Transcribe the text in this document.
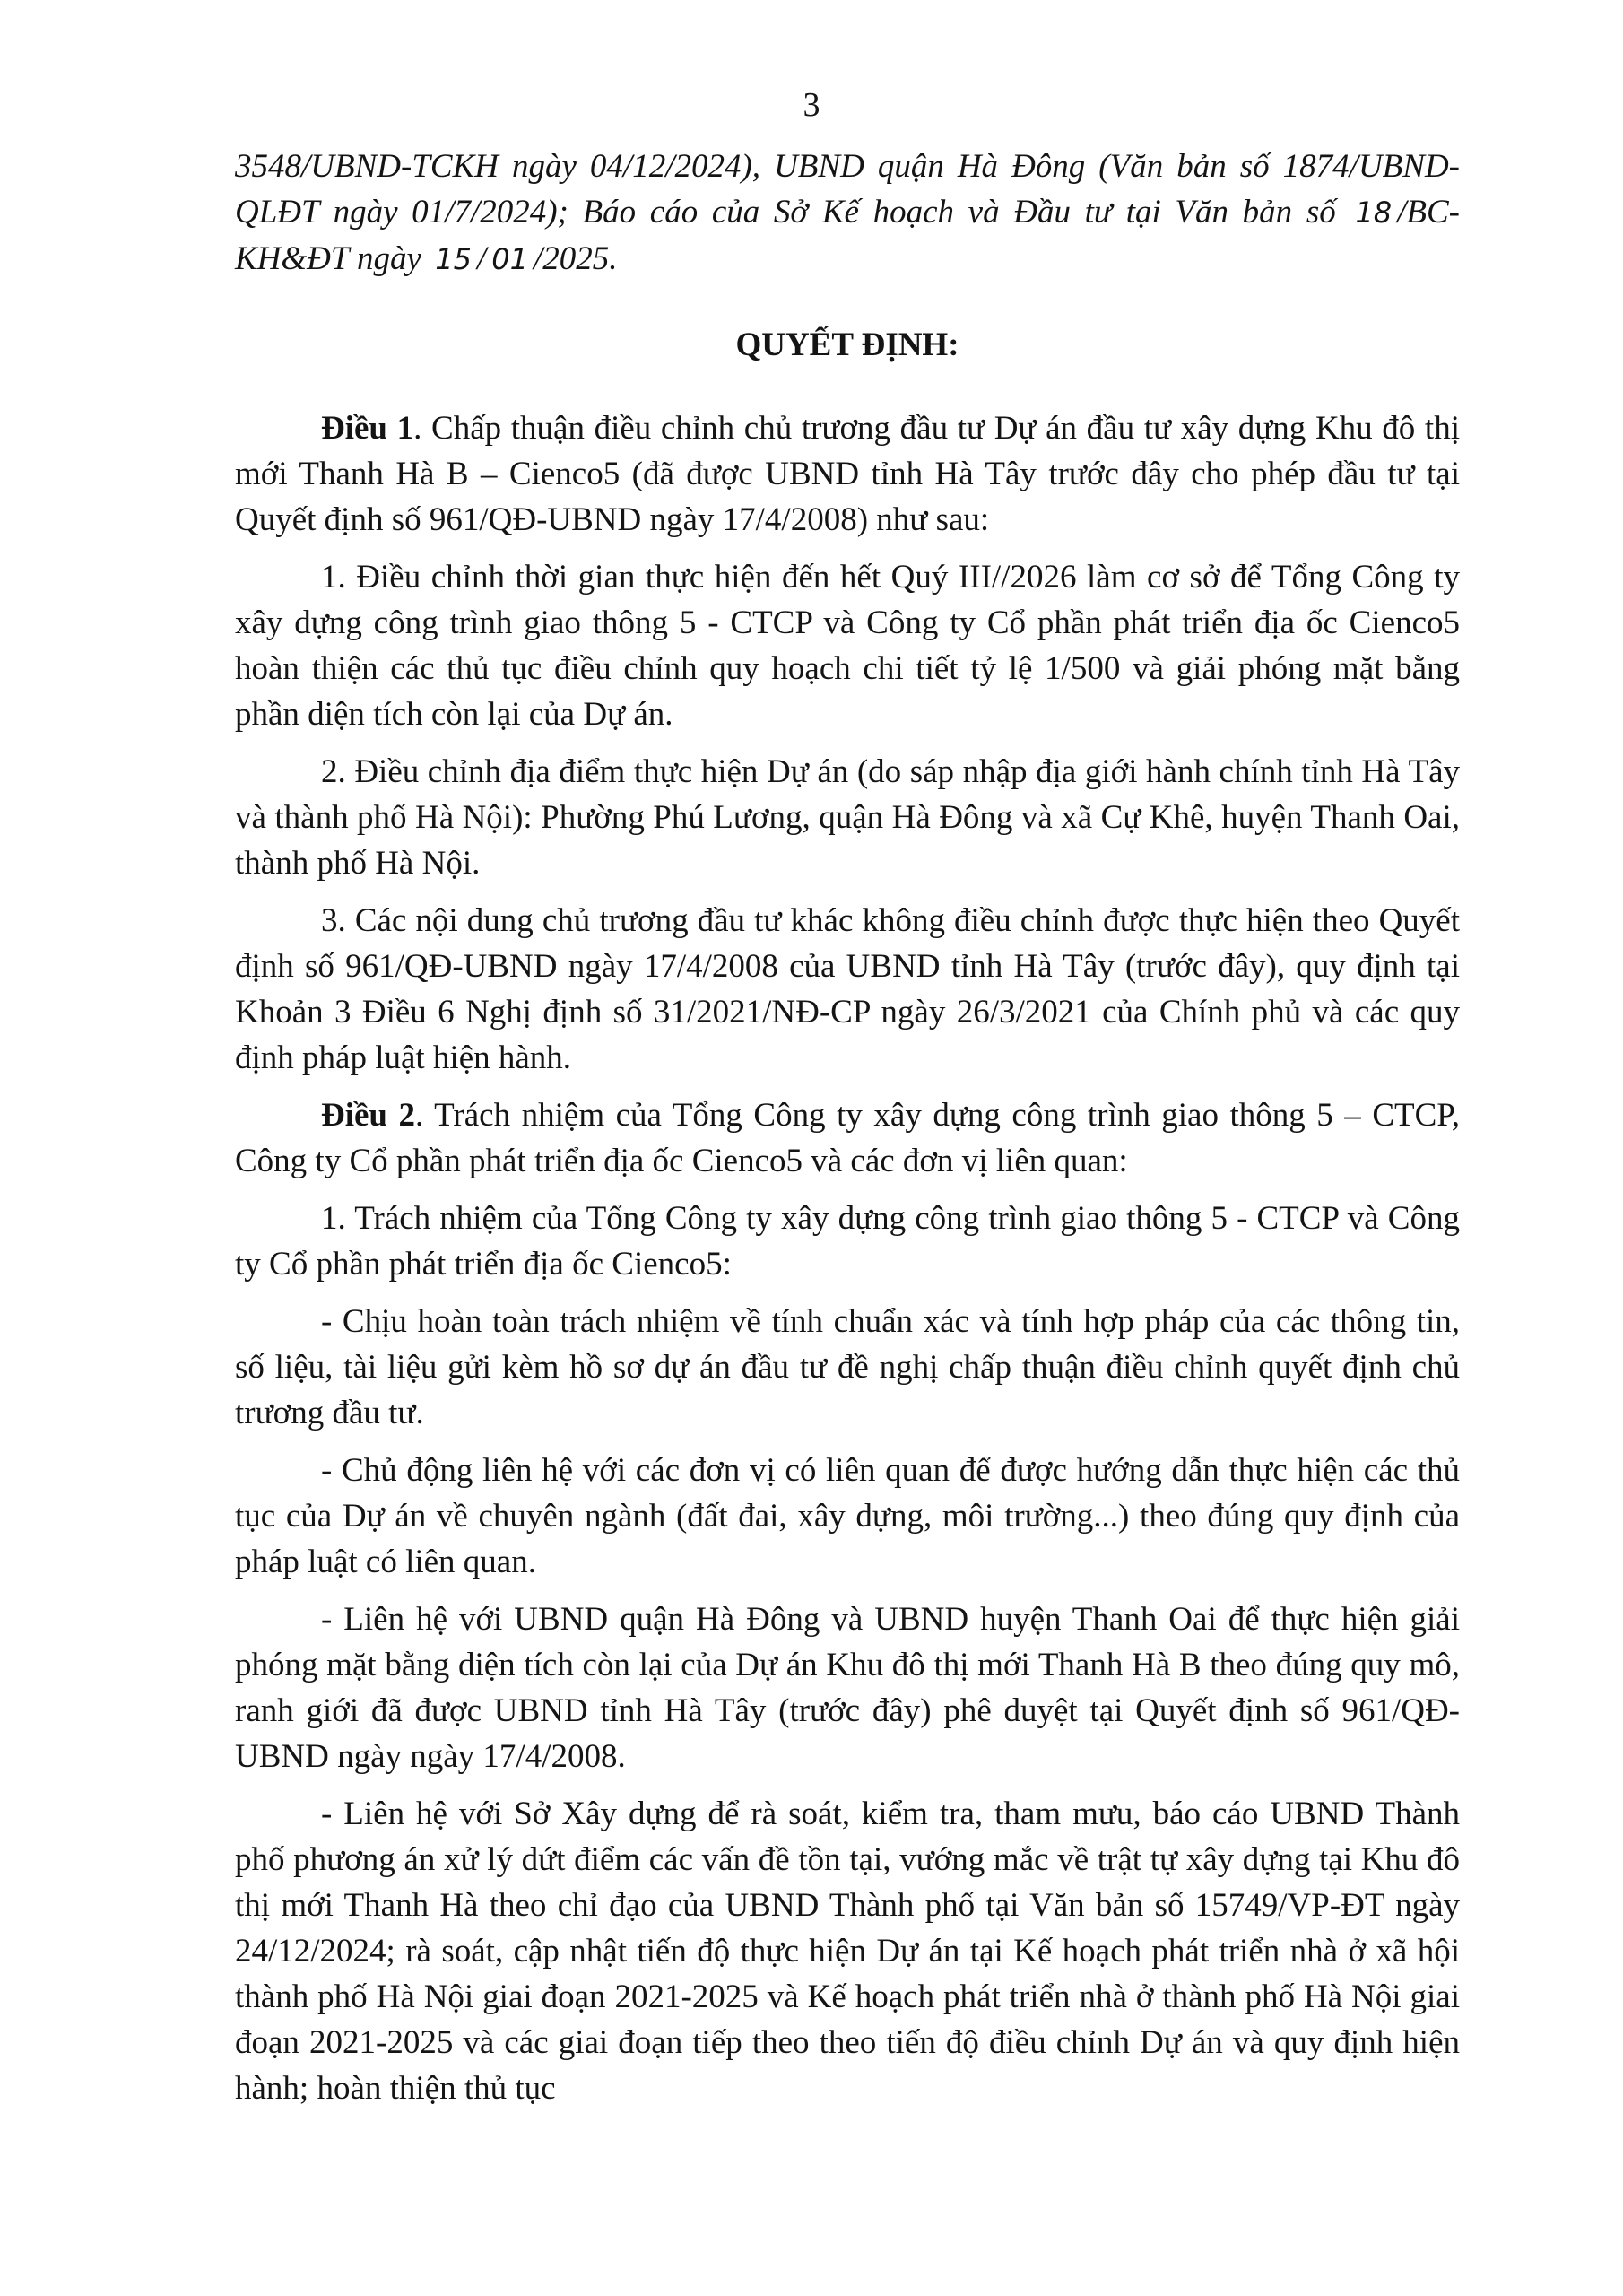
3

3548/UBND-TCKH ngày 04/12/2024), UBND quận Hà Đông (Văn bản số 1874/UBND-QLĐT ngày 01/7/2024); Báo cáo của Sở Kế hoạch và Đầu tư tại Văn bản số 18 /BC-KH&ĐT ngày 15 / 01 /2025.

QUYẾT ĐỊNH:

Điều 1. Chấp thuận điều chỉnh chủ trương đầu tư Dự án đầu tư xây dựng Khu đô thị mới Thanh Hà B – Cienco5 (đã được UBND tỉnh Hà Tây trước đây cho phép đầu tư tại Quyết định số 961/QĐ-UBND ngày 17/4/2008) như sau:

1. Điều chỉnh thời gian thực hiện đến hết Quý III//2026 làm cơ sở để Tổng Công ty xây dựng công trình giao thông 5 - CTCP và Công ty Cổ phần phát triển địa ốc Cienco5 hoàn thiện các thủ tục điều chỉnh quy hoạch chi tiết tỷ lệ 1/500 và giải phóng mặt bằng phần diện tích còn lại của Dự án.

2. Điều chỉnh địa điểm thực hiện Dự án (do sáp nhập địa giới hành chính tỉnh Hà Tây và thành phố Hà Nội): Phường Phú Lương, quận Hà Đông và xã Cự Khê, huyện Thanh Oai, thành phố Hà Nội.

3. Các nội dung chủ trương đầu tư khác không điều chỉnh được thực hiện theo Quyết định số 961/QĐ-UBND ngày 17/4/2008 của UBND tỉnh Hà Tây (trước đây), quy định tại Khoản 3 Điều 6 Nghị định số 31/2021/NĐ-CP ngày 26/3/2021 của Chính phủ và các quy định pháp luật hiện hành.

Điều 2. Trách nhiệm của Tổng Công ty xây dựng công trình giao thông 5 – CTCP, Công ty Cổ phần phát triển địa ốc Cienco5 và các đơn vị liên quan:

1. Trách nhiệm của Tổng Công ty xây dựng công trình giao thông 5 - CTCP và Công ty Cổ phần phát triển địa ốc Cienco5:

- Chịu hoàn toàn trách nhiệm về tính chuẩn xác và tính hợp pháp của các thông tin, số liệu, tài liệu gửi kèm hồ sơ dự án đầu tư đề nghị chấp thuận điều chỉnh quyết định chủ trương đầu tư.

- Chủ động liên hệ với các đơn vị có liên quan để được hướng dẫn thực hiện các thủ tục của Dự án về chuyên ngành (đất đai, xây dựng, môi trường...) theo đúng quy định của pháp luật có liên quan.

- Liên hệ với UBND quận Hà Đông và UBND huyện Thanh Oai để thực hiện giải phóng mặt bằng diện tích còn lại của Dự án Khu đô thị mới Thanh Hà B theo đúng quy mô, ranh giới đã được UBND tỉnh Hà Tây (trước đây) phê duyệt tại Quyết định số 961/QĐ-UBND ngày ngày 17/4/2008.

- Liên hệ với Sở Xây dựng để rà soát, kiểm tra, tham mưu, báo cáo UBND Thành phố phương án xử lý dứt điểm các vấn đề tồn tại, vướng mắc về trật tự xây dựng tại Khu đô thị mới Thanh Hà theo chỉ đạo của UBND Thành phố tại Văn bản số 15749/VP-ĐT ngày 24/12/2024; rà soát, cập nhật tiến độ thực hiện Dự án tại Kế hoạch phát triển nhà ở xã hội thành phố Hà Nội giai đoạn 2021-2025 và Kế hoạch phát triển nhà ở thành phố Hà Nội giai đoạn 2021-2025 và các giai đoạn tiếp theo theo tiến độ điều chỉnh Dự án và quy định hiện hành; hoàn thiện thủ tục
